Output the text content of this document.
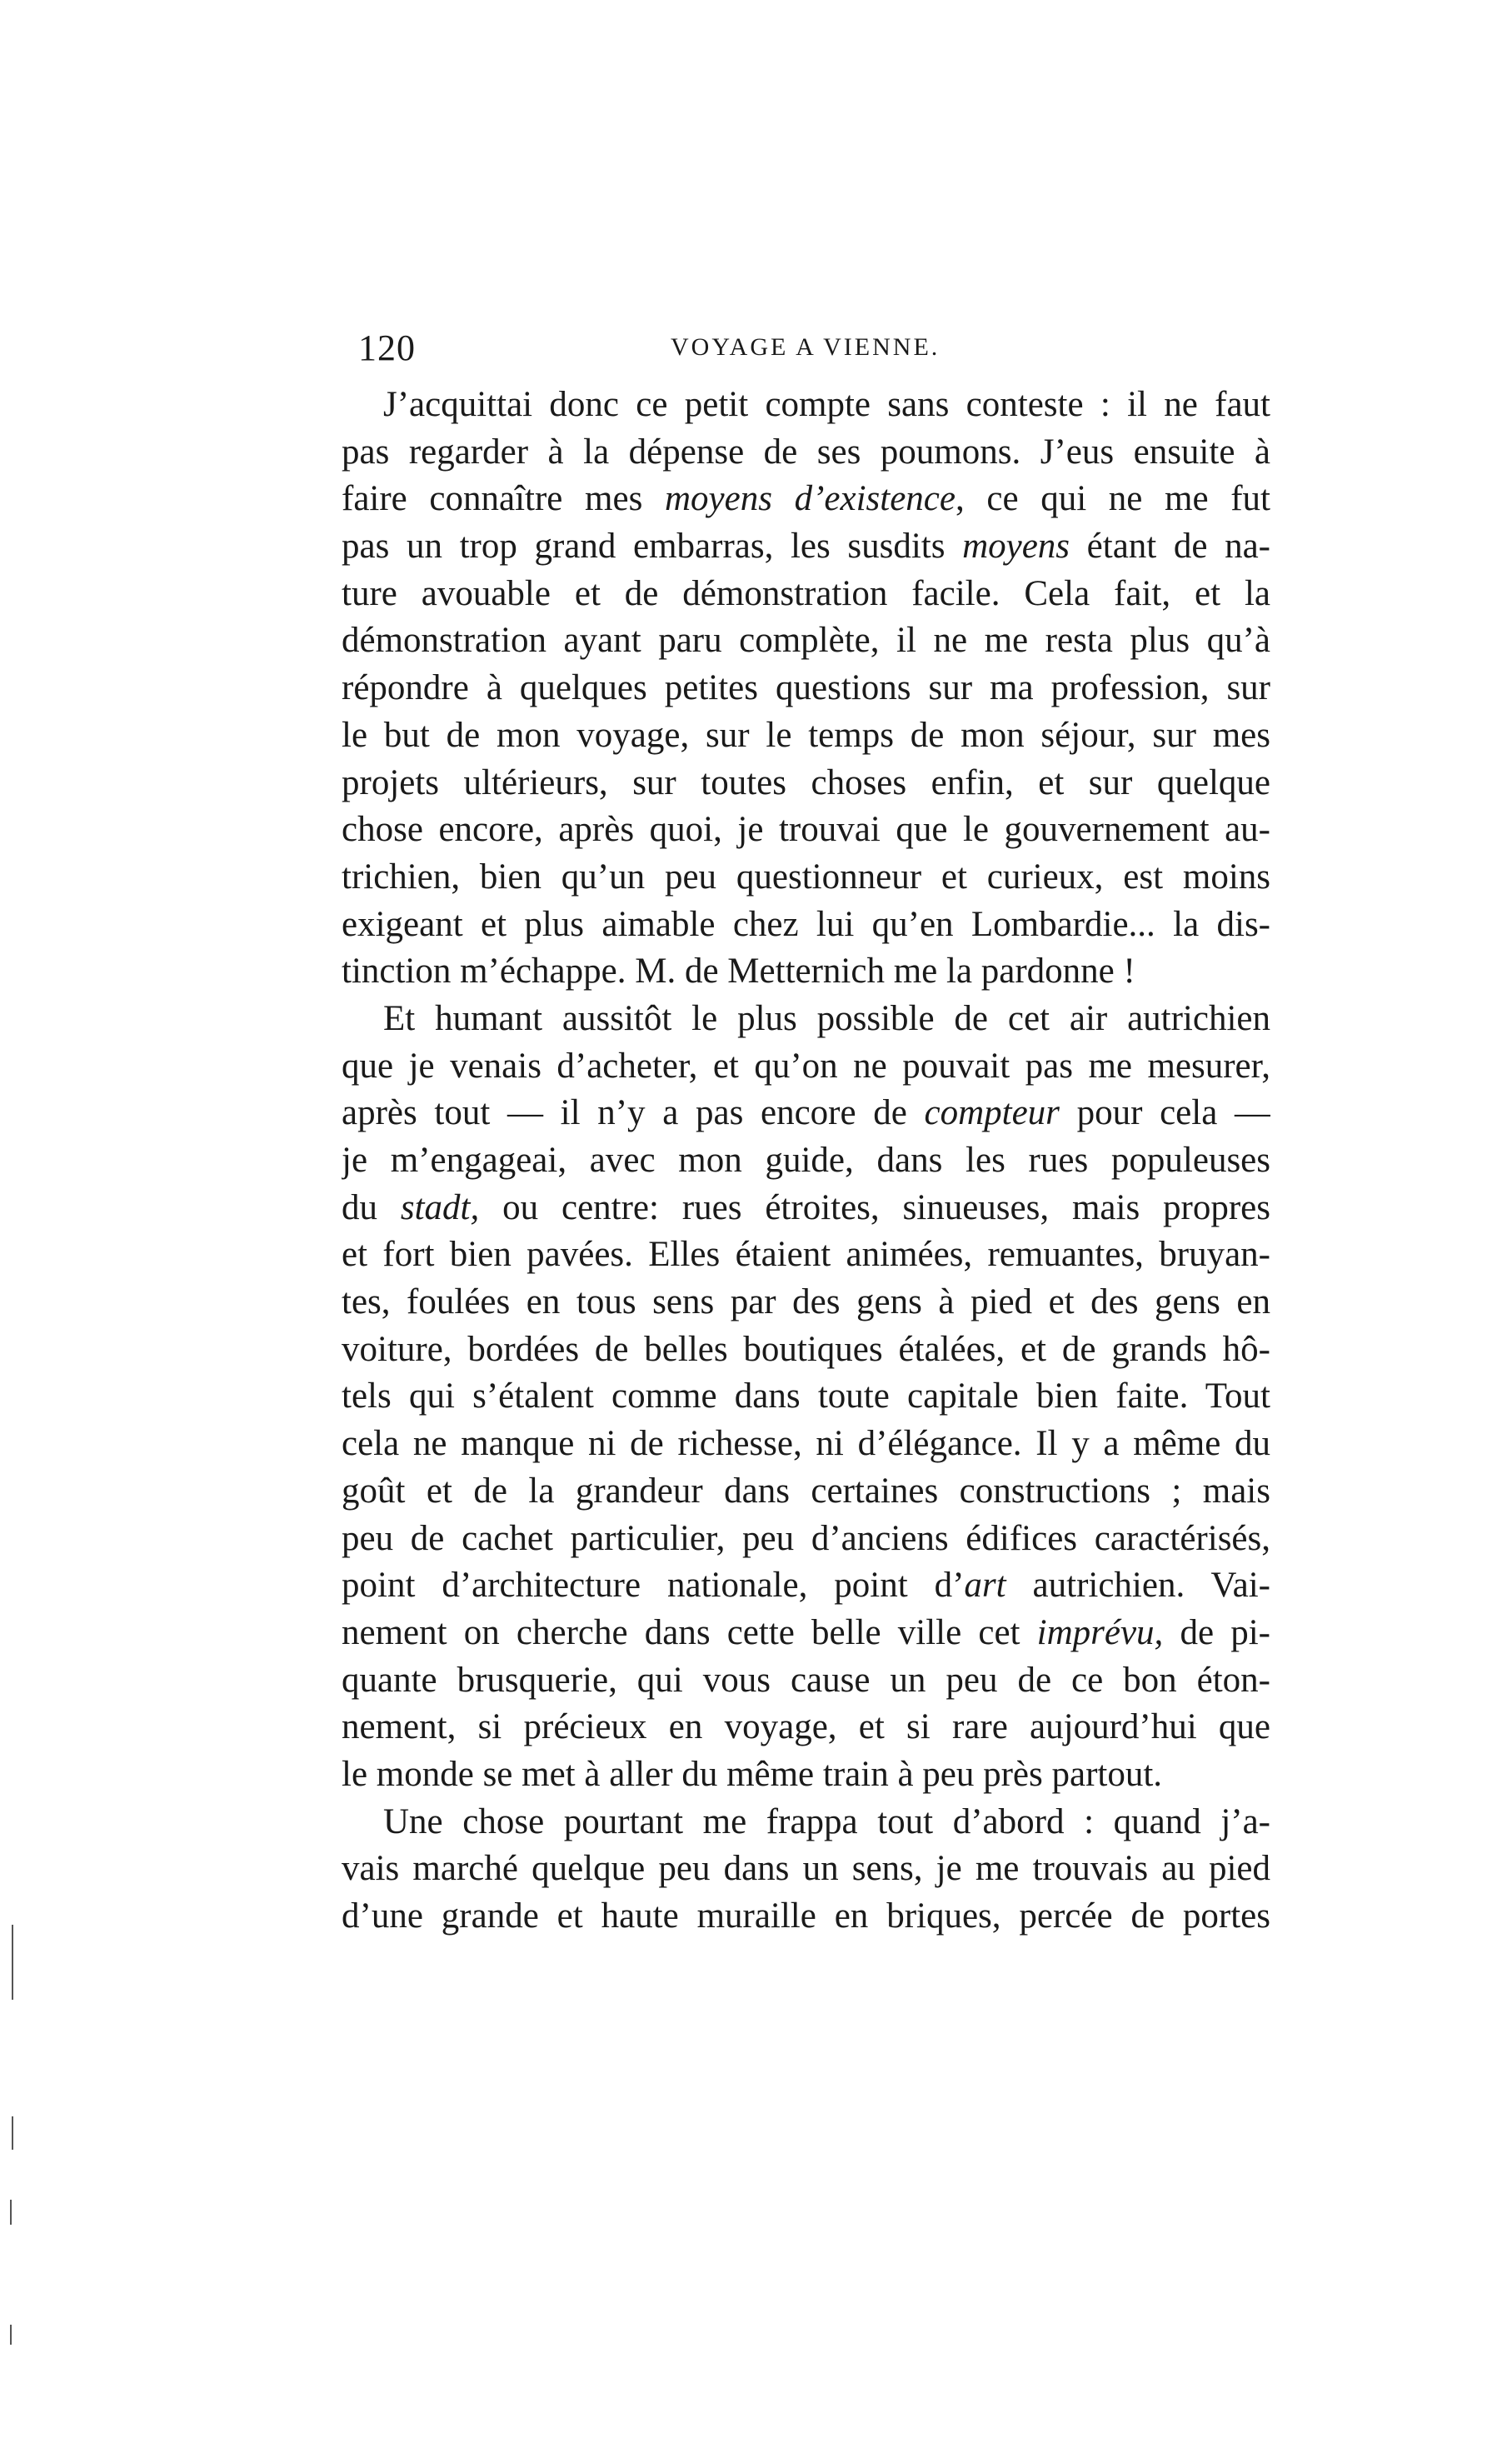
120	VOYAGE A VIENNE.
J’acquittai donc ce petit compte sans conteste : il ne faut
pas regarder à la dépense de ses poumons. J’eus ensuite à
faire connaître mes moyens d’existence, ce qui ne me fut
pas un trop grand embarras, les susdits moyens étant de na-
ture avouable et de démonstration facile. Cela fait, et la
démonstration ayant paru complète, il ne me resta plus qu’à
répondre à quelques petites questions sur ma profession, sur
le but de mon voyage, sur le temps de mon séjour, sur mes
projets ultérieurs, sur toutes choses enfin, et sur quelque
chose encore, après quoi, je trouvai que le gouvernement au-
trichien, bien qu’un peu questionneur et curieux, est moins
exigeant et plus aimable chez lui qu’en Lombardie... la dis-
tinction m’échappe. M. de Metternich me la pardonne !
Et humant aussitôt le plus possible de cet air autrichien
que je venais d’acheter, et qu’on ne pouvait pas me mesurer,
après tout — il n’y a pas encore de compteur pour cela —
je m’engageai, avec mon guide, dans les rues populeuses
du stadt, ou centre: rues étroites, sinueuses, mais propres
et fort bien pavées. Elles étaient animées, remuantes, bruyan-
tes, foulées en tous sens par des gens à pied et des gens en
voiture, bordées de belles boutiques étalées, et de grands hô-
tels qui s’étalent comme dans toute capitale bien faite. Tout
cela ne manque ni de richesse, ni d’élégance. Il y a même du
goût et de la grandeur dans certaines constructions ; mais
peu de cachet particulier, peu d’anciens édifices caractérisés,
point d’architecture nationale, point d’art autrichien. Vai-
nement on cherche dans cette belle ville cet imprévu, de pi-
quante brusquerie, qui vous cause un peu de ce bon éton-
nement, si précieux en voyage, et si rare aujourd’hui que
le monde se met à aller du même train à peu près partout.
Une chose pourtant me frappa tout d’abord : quand j’a-
vais marché quelque peu dans un sens, je me trouvais au pied
d’une grande et haute muraille en briques, percée de portes
